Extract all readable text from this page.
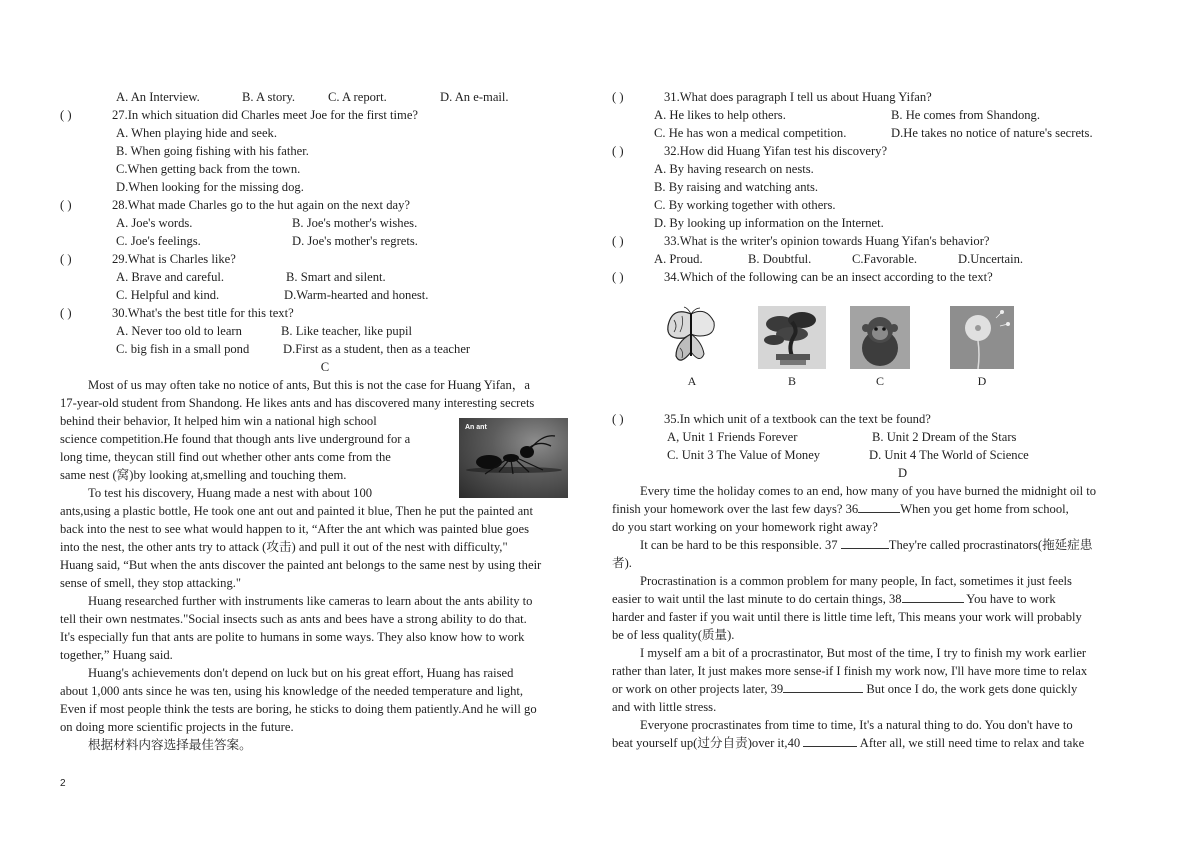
A. An Interview.	B. A story.	C. A report.	D. An e-mail.
( )	27.In which situation did Charles meet Joe for the first time?
A. When playing hide and seek.
B. When going fishing with his father.
C.When getting back from the town.
D.When looking for the missing dog.
( )	28.What made Charles go to the hut again on the next day?
A. Joe's words.	B. Joe's mother's wishes.
C. Joe's feelings.	D. Joe's mother's regrets.
( )	29.What is Charles like?
A. Brave and careful.	B. Smart and silent.
C. Helpful and kind.	D.Warm-hearted and honest.
( )	30.What's the best title for this text?
A. Never too old to learn	B. Like teacher, like pupil
C. big fish in a small pond	D.First as a student, then as a teacher
C
Most of us may often take no notice of ants, But this is not the case for Huang Yifan，a
17-year-old student from Shandong. He likes ants and has discovered many interesting secrets
behind their behavior, It helped him win a national high school
science competition.He found that though ants live underground for a
long time, theycan still find out whether other ants come from the
same nest (窝)by looking at,smelling and touching them.
To test his discovery, Huang made a nest with about 100
ants,using a plastic bottle, He took one ant out and painted it blue, Then he put the painted ant
back into the nest to see what would happen to it, “After the ant which was painted blue goes
into the nest, the other ants try to attack (攻击) and pull it out of the nest with difficulty,"
Huang said, “But when the ants discover the painted ant belongs to the same nest by using their
sense of smell, they stop attacking."
Huang researched further with instruments like cameras to learn about the ants ability to
tell their own nestmates."Social insects such as ants and bees have a strong ability to do that.
It's especially fun that ants are polite to humans in some ways. They also know how to work
together,” Huang said.
Huang's achievements don't depend on luck but on his great effort, Huang has raised
about 1,000 ants since he was ten, using his knowledge of the needed temperature and light,
Even if most people think the tests are boring, he sticks to doing them patiently.And he will go
on doing more scientific projects in the future.
根据材料内容选择最佳答案。
An ant
( )	31.What does paragraph I tell us about Huang Yifan?
A. He likes to help others.	B. He comes from Shandong.
C. He has won a medical competition.	D.He takes no notice of nature's secrets.
( )	32.How did Huang Yifan test his discovery?
A. By having research on nests.
B. By raising and watching ants.
C. By working together with others.
D. By looking up information on the Internet.
( )	33.What is the writer's opinion towards Huang Yifan's behavior?
A. Proud.	B. Doubtful.	C.Favorable.	D.Uncertain.
( )	34.Which of the following can be an insect according to the text?
A	B	C	D
( )	35.In which unit of a textbook can the text be found?
A, Unit 1 Friends Forever	B. Unit 2 Dream of the Stars
C. Unit 3 The Value of Money	D. Unit 4 The World of Science
D
Every time the holiday comes to an end, how many of you have burned the midnight oil to
finish your homework over the last few days? 36	When you get home from school,
do you start working on your homework right away?
It can be hard to be this responsible. 37	They're called procrastinators(拖延症患
者).
Procrastination is a common problem for many people, In fact, sometimes it just feels
easier to wait until the last minute to do certain things, 38	You have to work
harder and faster if you wait until there is little time left, This means your work will probably
be of less quality(质量).
I myself am a bit of a procrastinator, But most of the time, I try to finish my work earlier
rather than later, It just makes more sense-if I finish my work now, I'll have more time to relax
or work on other projects later, 39	But once I do, the work gets done quickly
and with little stress.
Everyone procrastinates from time to time, It's a natural thing to do. You don't have to
beat yourself up(过分自责)over it,40	After all, we still need time to relax and take
2
